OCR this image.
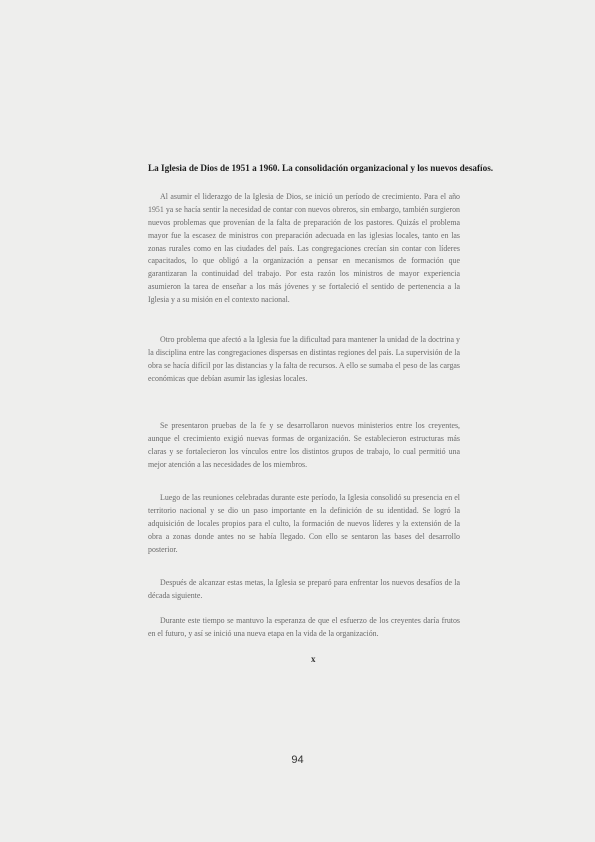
La Iglesia de Dios de 1951 a 1960. La consolidación organizacional y los nuevos desafíos.

Al asumir el liderazgo de la Iglesia de Dios, se inició un período de crecimiento. Para el año 1951 ya se hacía sentir la necesidad de contar con nuevos obreros, sin embargo, también surgieron nuevos problemas que provenían de la falta de preparación de los pastores. Quizás el problema mayor fue la escasez de ministros con preparación adecuada en las iglesias locales, tanto en las zonas rurales como en las ciudades del país. Las congregaciones crecían sin contar con líderes capacitados, lo que obligó a la organización a pensar en mecanismos de formación que garantizaran la continuidad del trabajo. Por esta razón los ministros de mayor experiencia asumieron la tarea de enseñar a los más jóvenes y se fortaleció el sentido de pertenencia a la Iglesia y a su misión en el contexto nacional.

Otro problema que afectó a la Iglesia fue la dificultad para mantener la unidad de la doctrina y la disciplina entre las congregaciones dispersas en distintas regiones del país. La supervisión de la obra se hacía difícil por las distancias y la falta de recursos. A ello se sumaba el peso de las cargas económicas que debían asumir las iglesias locales.

Se presentaron pruebas de la fe y se desarrollaron nuevos ministerios entre los creyentes, aunque el crecimiento exigió nuevas formas de organización. Se establecieron estructuras más claras y se fortalecieron los vínculos entre los distintos grupos de trabajo, lo cual permitió una mejor atención a las necesidades de los miembros.

Luego de las reuniones celebradas durante este período, la Iglesia consolidó su presencia en el territorio nacional y se dio un paso importante en la definición de su identidad. Se logró la adquisición de locales propios para el culto, la formación de nuevos líderes y la extensión de la obra a zonas donde antes no se había llegado. Con ello se sentaron las bases del desarrollo posterior.

Después de alcanzar estas metas, la Iglesia se preparó para enfrentar los nuevos desafíos de la década siguiente.

Durante este tiempo se mantuvo la esperanza de que el esfuerzo de los creyentes daría frutos en el futuro, y así se inició una nueva etapa en la vida de la organización.

x
94
